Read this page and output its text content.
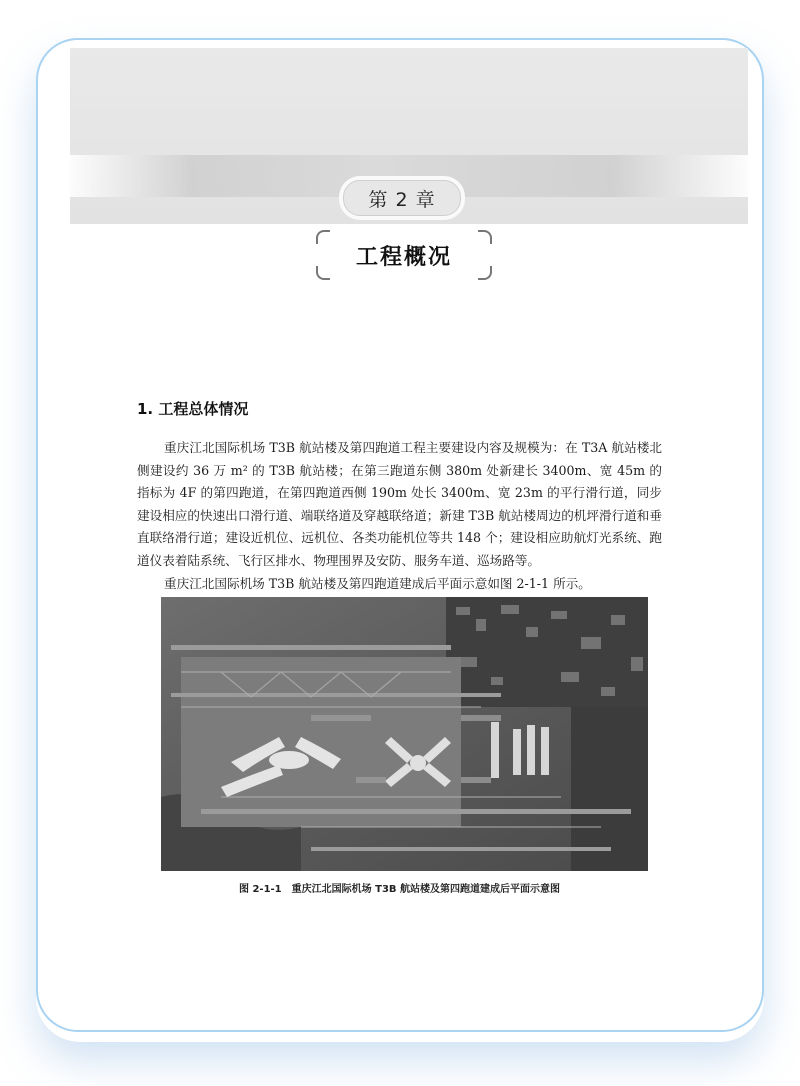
第 2 章
工程概况
1. 工程总体情况

重庆江北国际机场 T3B 航站楼及第四跑道工程主要建设内容及规模为：在 T3A 航站楼北侧建设约 36 万 m² 的 T3B 航站楼；在第三跑道东侧 380m 处新建长 3400m、宽 45m 的指标为 4F 的第四跑道，在第四跑道西侧 190m 处长 3400m、宽 23m 的平行滑行道，同步建设相应的快速出口滑行道、端联络道及穿越联络道；新建 T3B 航站楼周边的机坪滑行道和垂直联络滑行道；建设近机位、远机位、各类功能机位等共 148 个；建设相应助航灯光系统、跑道仪表着陆系统、飞行区排水、物理围界及安防、服务车道、巡场路等。

重庆江北国际机场 T3B 航站楼及第四跑道建成后平面示意如图 2-1-1 所示。

图 2-1-1　重庆江北国际机场 T3B 航站楼及第四跑道建成后平面示意图
